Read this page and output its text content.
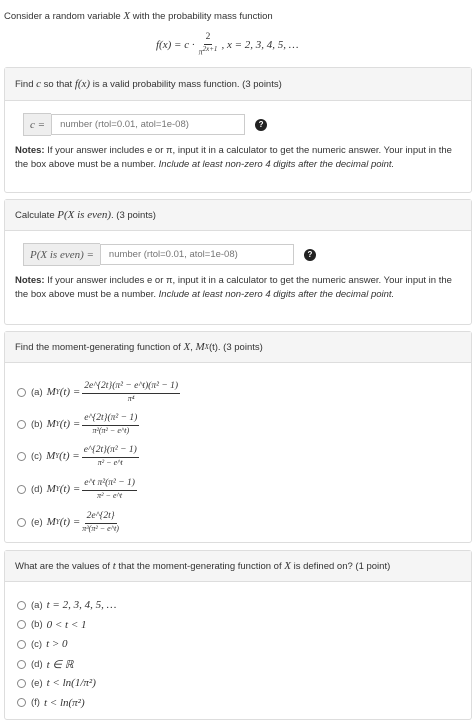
Consider a random variable X with the probability mass function
$f(x) = c \cdot \frac{2}{\pi^{2x+1}}$ , x = 2, 3, 4, 5, …
Find
c
so that
f(x)
is a valid probability mass function. (3 points)
c =
number (rtol=0.01, atol=1e-08)	?
Notes: If your answer includes e or π, input it in a calculator to get the numeric answer. Your input in the
the box above must be a number. Include at least non-zero 4 digits after the decimal point.
Calculate
P(X is even) . (3 points)
P(X is even) =
number (rtol=0.01, atol=1e-08)	?
Notes: If your answer includes e or π, input it in a calculator to get the numeric answer. Your input in the
the box above must be a number. Include at least non-zero 4 digits after the decimal point.
Find the moment-generating function of
X , M X (t). (3 points)
(a) M Y $(t) = \frac{\text{2e\textasciicircum{}\{2t\}(π² − e\textasciicircum{}t)(π² − 1)}}{\text{π⁴}}$
(b) M Y $(t) = \frac{\text{e\textasciicircum{}\{2t\}(π² − 1)}}{\text{π²(π² − e\textasciicircum{}t)}}$
(c) M Y $(t) = \frac{\text{e\textasciicircum{}\{2t\}(π² − 1)}}{\text{π² − e\textasciicircum{}t}}$
(d) M Y $(t) = \frac{\text{e\textasciicircum{}t π²(π² − 1)}}{\text{π² − e\textasciicircum{}t}}$
(e) M Y $(t) = \frac{2e\^{}\{2t\}}{\text{π³(π² − e\textasciicircum{}t)}}$
What are the values of
t
that the moment-generating function of
X
is defined on? (1 point)
(a) t = 2, 3, 4, 5, …
(b) 0 < t < 1
(c) t > 0
(d) t ∈ ℝ
(e) t < ln(1/π²)
(f) t < ln(π²)
